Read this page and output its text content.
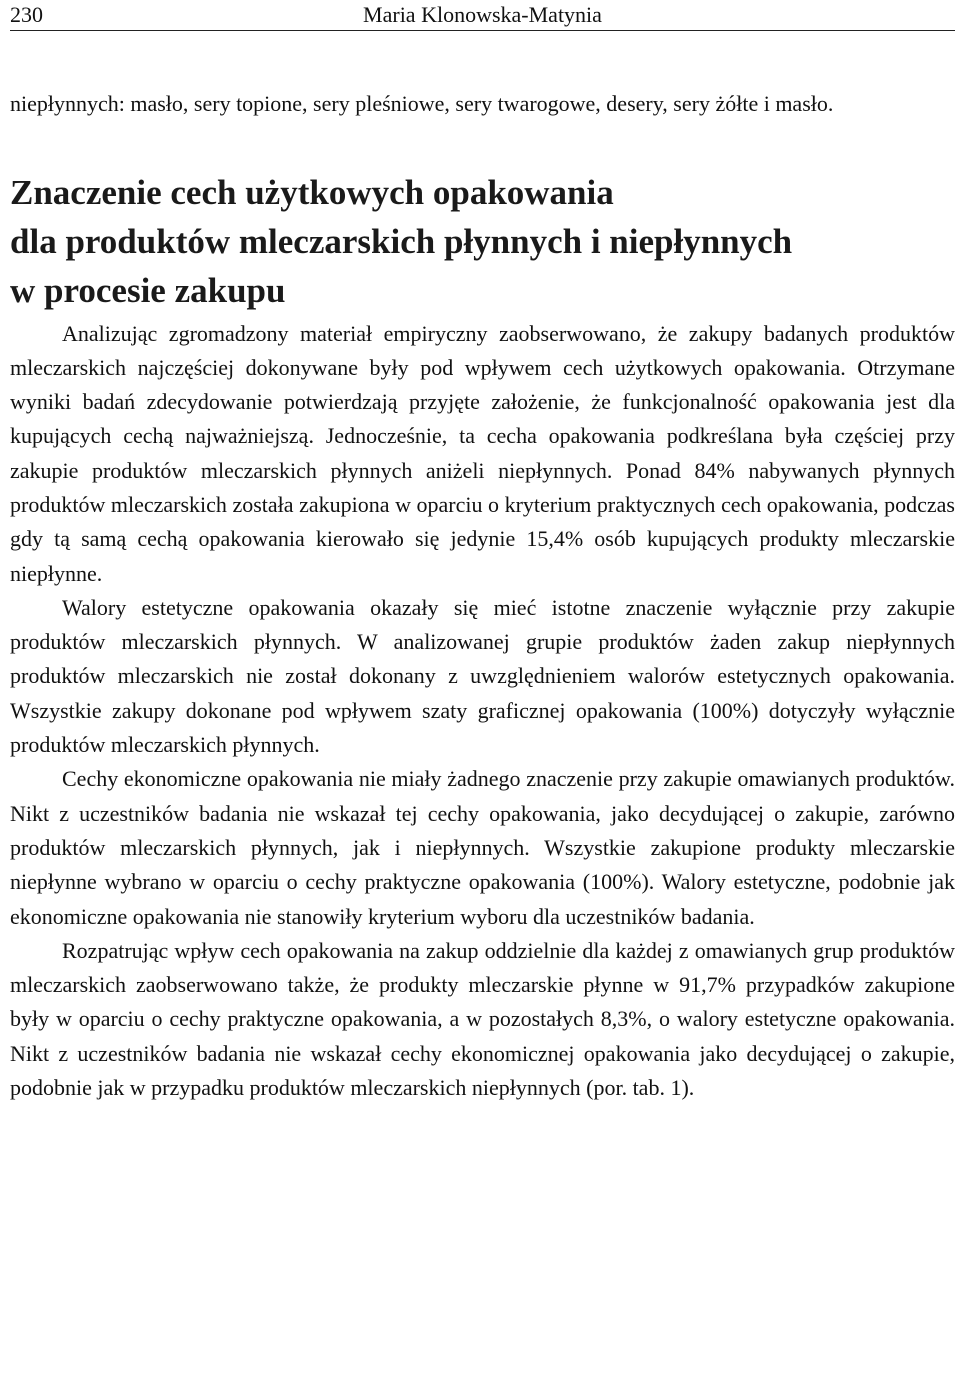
230	Maria Klonowska-Matynia

niepłynnych: masło, sery topione, sery pleśniowe, sery twarogowe, desery, sery żółte i masło.

Znaczenie cech użytkowych opakowania
dla produktów mleczarskich płynnych i niepłynnych
w procesie zakupu

Analizując zgromadzony materiał empiryczny zaobserwowano, że zakupy badanych produktów mleczarskich najczęściej dokonywane były pod wpływem cech użytkowych opakowania. Otrzymane wyniki badań zdecydowanie potwierdzają przyjęte założenie, że funkcjonalność opakowania jest dla kupujących cechą najważniejszą. Jednocześnie, ta cecha opakowania podkreślana była częściej przy zakupie produktów mleczarskich płynnych aniżeli niepłynnych. Ponad 84% nabywanych płynnych produktów mleczarskich została zakupiona w oparciu o kryterium praktycznych cech opakowania, podczas gdy tą samą cechą opakowania kierowało się jedynie 15,4% osób kupujących produkty mleczarskie niepłynne.

Walory estetyczne opakowania okazały się mieć istotne znaczenie wyłącznie przy zakupie produktów mleczarskich płynnych. W analizowanej grupie produktów żaden zakup niepłynnych produktów mleczarskich nie został dokonany z uwzględnieniem walorów estetycznych opakowania. Wszystkie zakupy dokonane pod wpływem szaty graficznej opakowania (100%) dotyczyły wyłącznie produktów mleczarskich płynnych.

Cechy ekonomiczne opakowania nie miały żadnego znaczenie przy zakupie omawianych produktów. Nikt z uczestników badania nie wskazał tej cechy opakowania, jako decydującej o zakupie, zarówno produktów mleczarskich płynnych, jak i niepłynnych. Wszystkie zakupione produkty mleczarskie niepłynne wybrano w oparciu o cechy praktyczne opakowania (100%). Walory estetyczne, podobnie jak ekonomiczne opakowania nie stanowiły kryterium wyboru dla uczestników badania.

Rozpatrując wpływ cech opakowania na zakup oddzielnie dla każdej z omawianych grup produktów mleczarskich zaobserwowano także, że produkty mleczarskie płynne w 91,7% przypadków zakupione były w oparciu o cechy praktyczne opakowania, a w pozostałych 8,3%, o walory estetyczne opakowania. Nikt z uczestników badania nie wskazał cechy ekonomicznej opakowania jako decydującej o zakupie, podobnie jak w przypadku produktów mleczarskich niepłynnych (por. tab. 1).
